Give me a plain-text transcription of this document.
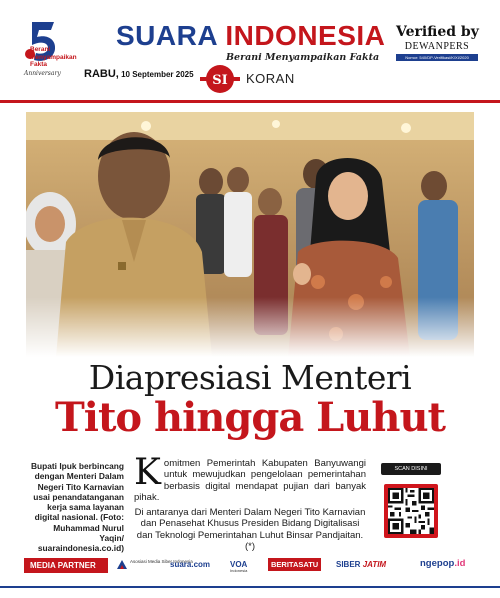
Berani Menyampaikan Fakta
Anniversary
SUARA INDONESIA
Berani Menyampaikan Fakta
Verified by
DEWANPERS
Nomor: 540/DP-Verifikasi/K/XI/2020
RABU, 10 September 2025 SI KORAN
Diapresiasi Menteri
Tito hingga Luhut
Bupati Ipuk berbincang dengan Menteri Dalam Negeri Tito Karnavian usai penandatanganan kerja sama layanan digital nasional. (Foto: Muhammad Nurul Yaqin/ suaraindonesia.co.id)
Komitmen Pemerintah Kabupaten Banyuwangi untuk mewujudkan pengelolaan pemerintahan berbasis digital mendapat pujian dari banyak pihak.
Di antaranya dari Menteri Dalam Negeri Tito Karnavian dan Penasehat Khusus Presiden Bidang Digitalisasi dan Teknologi Pemerintahan Luhut Binsar Pandjaitan. (*)
SCAN DISINI
MEDIA PARTNER	Asosiasi Media Siber Indonesia
suara.com VOA
Indonesia
BERITASATU	SIBER JATIM	ngepop.id
